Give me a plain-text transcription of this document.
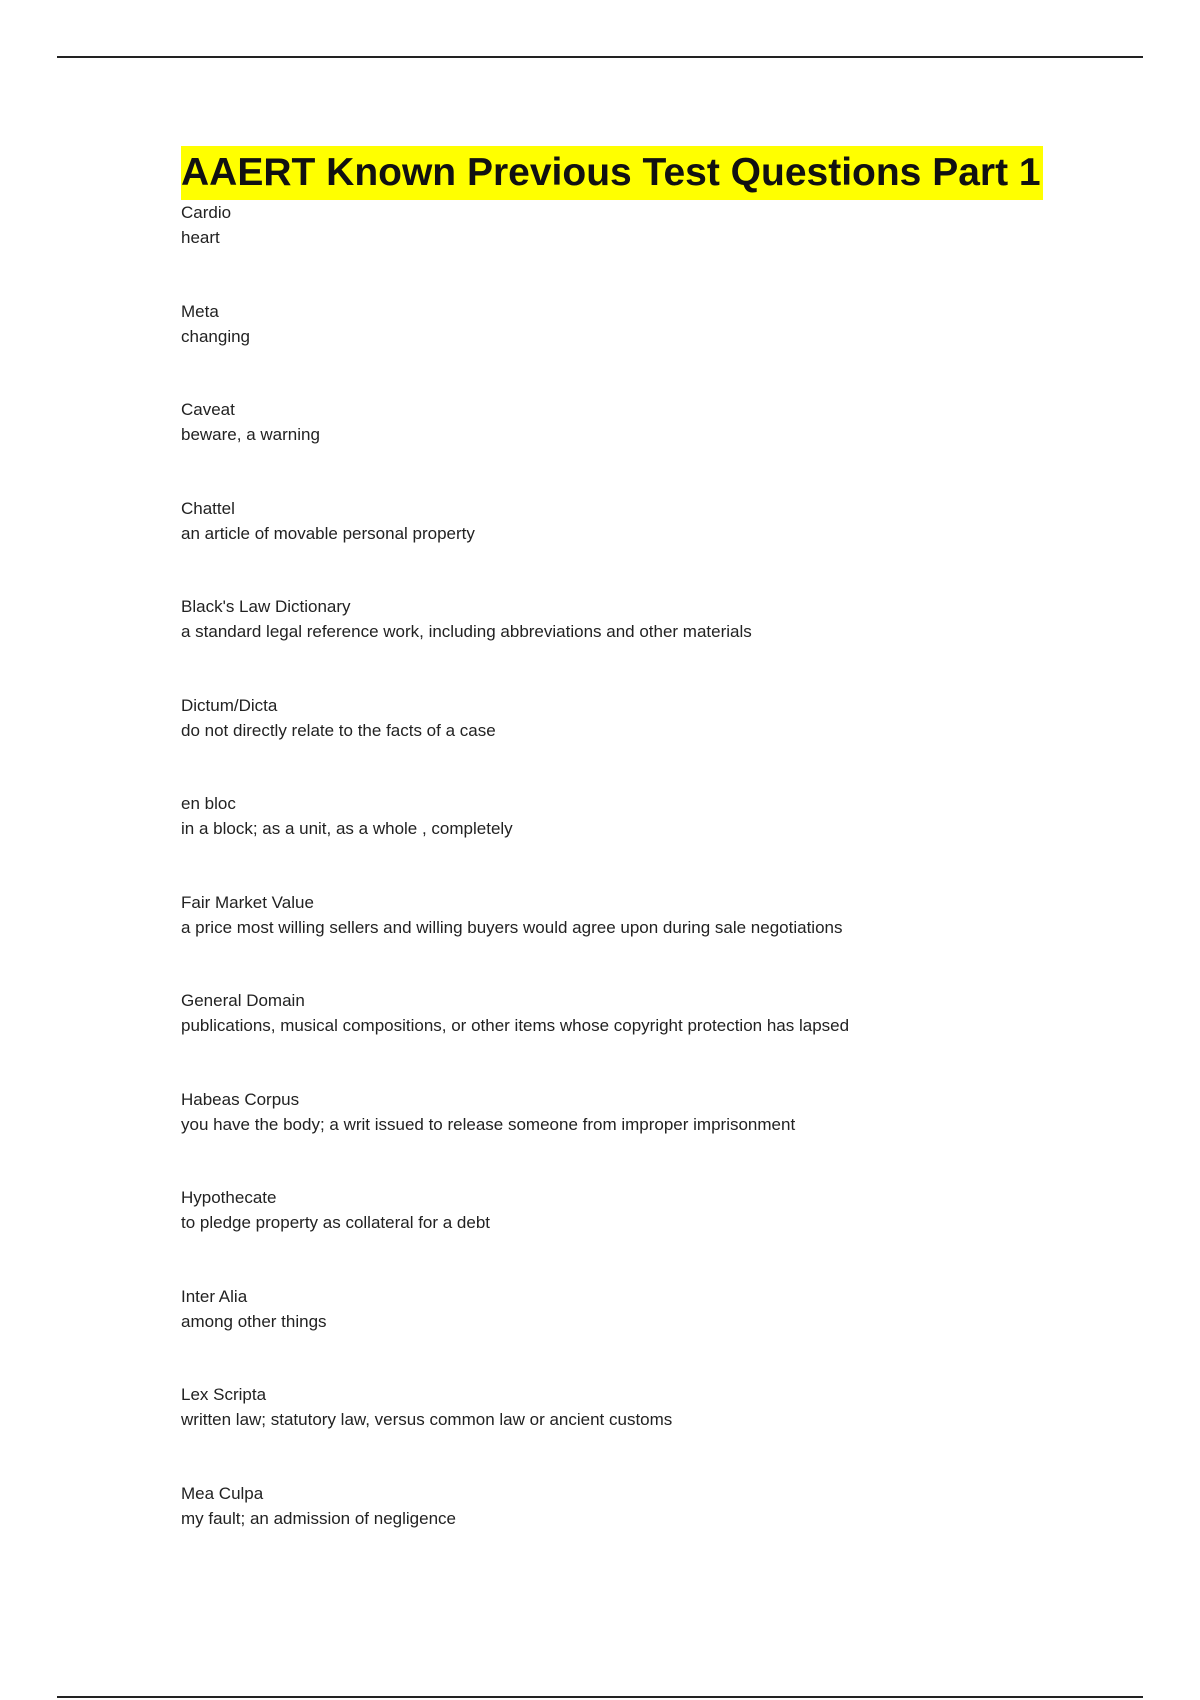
AAERT Known Previous Test Questions Part 1
Cardio
heart
Meta
changing
Caveat
beware, a warning
Chattel
an article of movable personal property
Black's Law Dictionary
a standard legal reference work, including abbreviations and other materials
Dictum/Dicta
do not directly relate to the facts of a case
en bloc
in a block; as a unit, as a whole , completely
Fair Market Value
a price most willing sellers and willing buyers would agree upon during sale negotiations
General Domain
publications, musical compositions, or other items whose copyright protection has lapsed
Habeas Corpus
you have the body; a writ issued to release someone from improper imprisonment
Hypothecate
to pledge property as collateral for a debt
Inter Alia
among other things
Lex Scripta
written law; statutory law, versus common law or ancient customs
Mea Culpa
my fault; an admission of negligence
